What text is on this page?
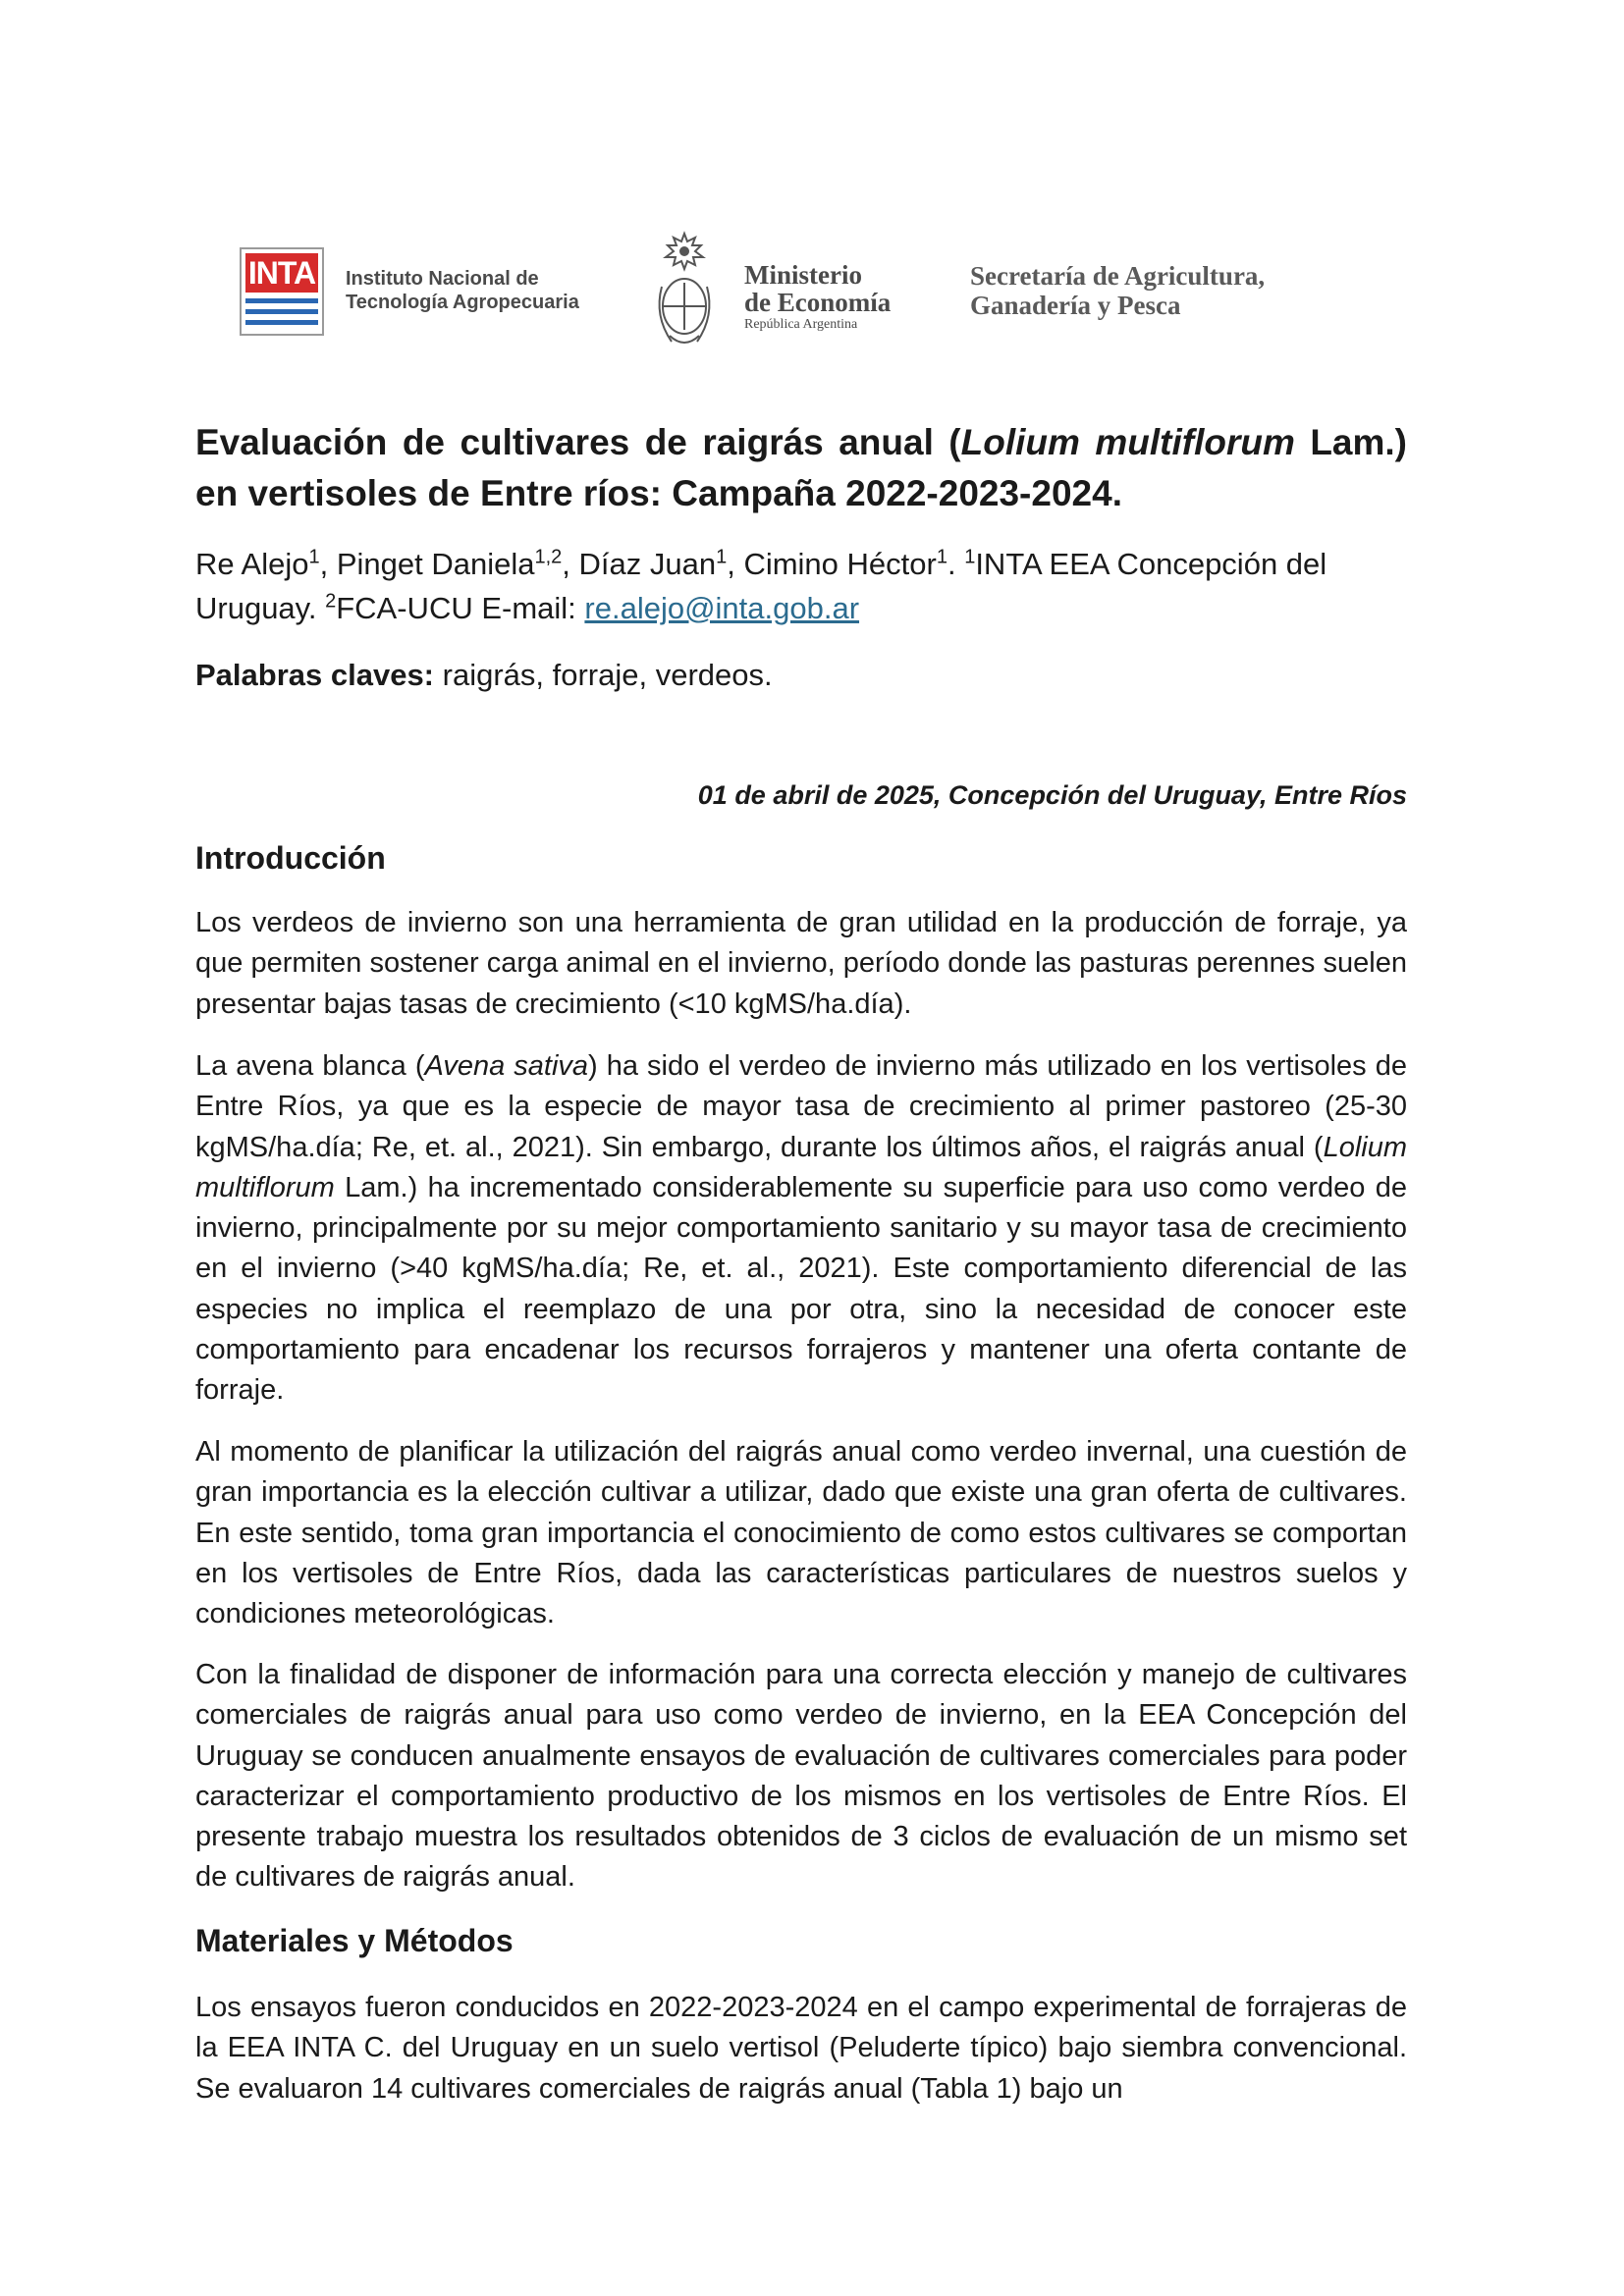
INTA Instituto Nacional de
Tecnología Agropecuaria
Ministerio
de Economía
República Argentina
Secretaría de Agricultura,
Ganadería y Pesca
Evaluación de cultivares de raigrás anual (Lolium multiflorum Lam.) en vertisoles de Entre ríos: Campaña 2022-2023-2024.

Re Alejo$^1$, Pinget Daniela$^{1,2}$, Díaz Juan$^1$, Cimino Héctor$^1$. $^1$INTA EEA Concepción del Uruguay. $^2$FCA-UCU E-mail: re.alejo@inta.gob.ar

Palabras claves: raigrás, forraje, verdeos.

01 de abril de 2025, Concepción del Uruguay, Entre Ríos

Introducción

Los verdeos de invierno son una herramienta de gran utilidad en la producción de forraje, ya que permiten sostener carga animal en el invierno, período donde las pasturas perennes suelen presentar bajas tasas de crecimiento (<10 kgMS/ha.día).

La avena blanca (Avena sativa) ha sido el verdeo de invierno más utilizado en los vertisoles de Entre Ríos, ya que es la especie de mayor tasa de crecimiento al primer pastoreo (25-30 kgMS/ha.día; Re, et. al., 2021). Sin embargo, durante los últimos años, el raigrás anual (Lolium multiflorum Lam.) ha incrementado considerablemente su superficie para uso como verdeo de invierno, principalmente por su mejor comportamiento sanitario y su mayor tasa de crecimiento en el invierno (>40 kgMS/ha.día; Re, et. al., 2021). Este comportamiento diferencial de las especies no implica el reemplazo de una por otra, sino la necesidad de conocer este comportamiento para encadenar los recursos forrajeros y mantener una oferta contante de forraje.

Al momento de planificar la utilización del raigrás anual como verdeo invernal, una cuestión de gran importancia es la elección cultivar a utilizar, dado que existe una gran oferta de cultivares. En este sentido, toma gran importancia el conocimiento de como estos cultivares se comportan en los vertisoles de Entre Ríos, dada las características particulares de nuestros suelos y condiciones meteorológicas.

Con la finalidad de disponer de información para una correcta elección y manejo de cultivares comerciales de raigrás anual para uso como verdeo de invierno, en la EEA Concepción del Uruguay se conducen anualmente ensayos de evaluación de cultivares comerciales para poder caracterizar el comportamiento productivo de los mismos en los vertisoles de Entre Ríos. El presente trabajo muestra los resultados obtenidos de 3 ciclos de evaluación de un mismo set de cultivares de raigrás anual.

Materiales y Métodos

Los ensayos fueron conducidos en 2022-2023-2024 en el campo experimental de forrajeras de la EEA INTA C. del Uruguay en un suelo vertisol (Peluderte típico) bajo siembra convencional. Se evaluaron 14 cultivares comerciales de raigrás anual (Tabla 1) bajo un
